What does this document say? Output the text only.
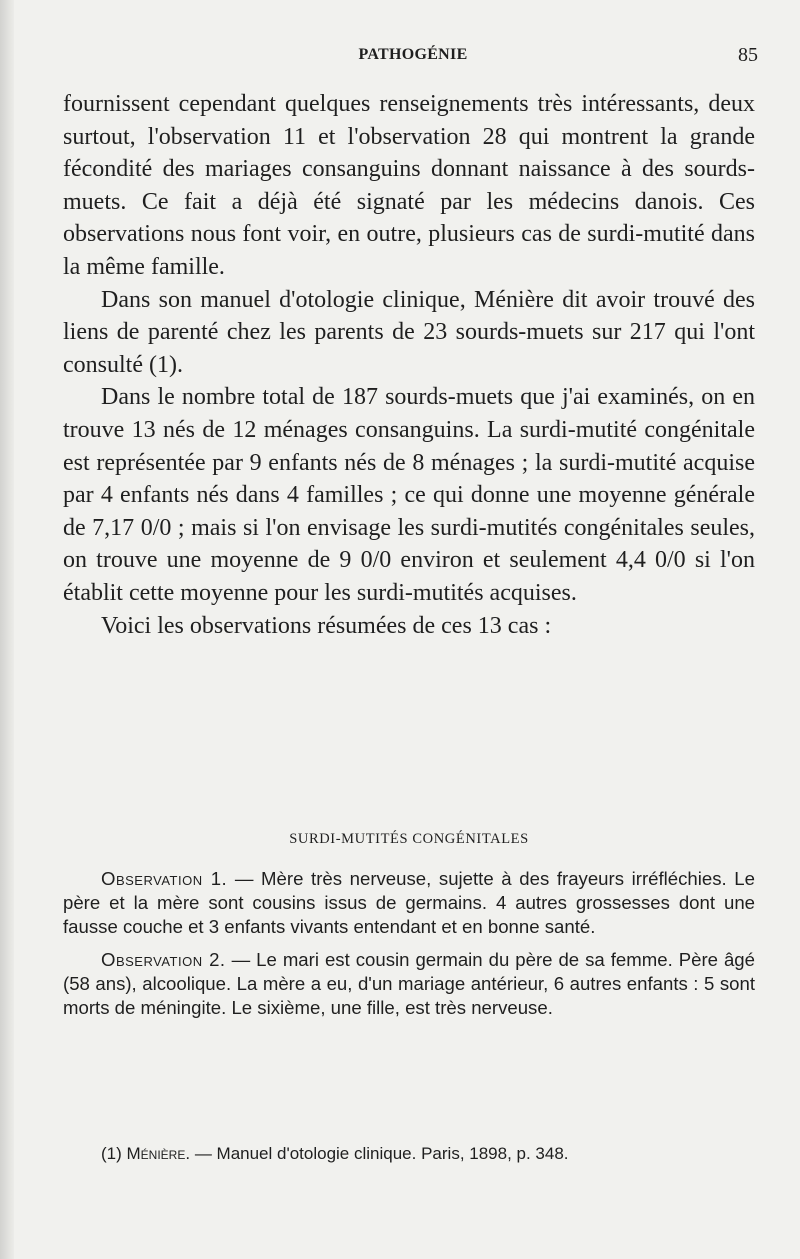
PATHOGÉNIE	85

fournissent cependant quelques renseignements très intéressants, deux surtout, l'observation 11 et l'observation 28 qui montrent la grande fécondité des mariages consanguins donnant naissance à des sourds-muets. Ce fait a déjà été signaté par les médecins danois. Ces observations nous font voir, en outre, plusieurs cas de surdi-mutité dans la même famille.

Dans son manuel d'otologie clinique, Ménière dit avoir trouvé des liens de parenté chez les parents de 23 sourds-muets sur 217 qui l'ont consulté (1).

Dans le nombre total de 187 sourds-muets que j'ai examinés, on en trouve 13 nés de 12 ménages consanguins. La surdi-mutité congénitale est représentée par 9 enfants nés de 8 ménages ; la surdi-mutité acquise par 4 enfants nés dans 4 familles ; ce qui donne une moyenne générale de 7,17 0/0 ; mais si l'on envisage les surdi-mutités congénitales seules, on trouve une moyenne de 9 0/0 environ et seulement 4,4 0/0 si l'on établit cette moyenne pour les surdi-mutités acquises.

Voici les observations résumées de ces 13 cas :

SURDI-MUTITÉS CONGÉNITALES

Observation 1. — Mère très nerveuse, sujette à des frayeurs irréfléchies. Le père et la mère sont cousins issus de germains. 4 autres grossesses dont une fausse couche et 3 enfants vivants entendant et en bonne santé.

Observation 2. — Le mari est cousin germain du père de sa femme. Père âgé (58 ans), alcoolique. La mère a eu, d'un mariage antérieur, 6 autres enfants : 5 sont morts de méningite. Le sixième, une fille, est très nerveuse.

(1) Ménière. — Manuel d'otologie clinique. Paris, 1898, p. 348.
